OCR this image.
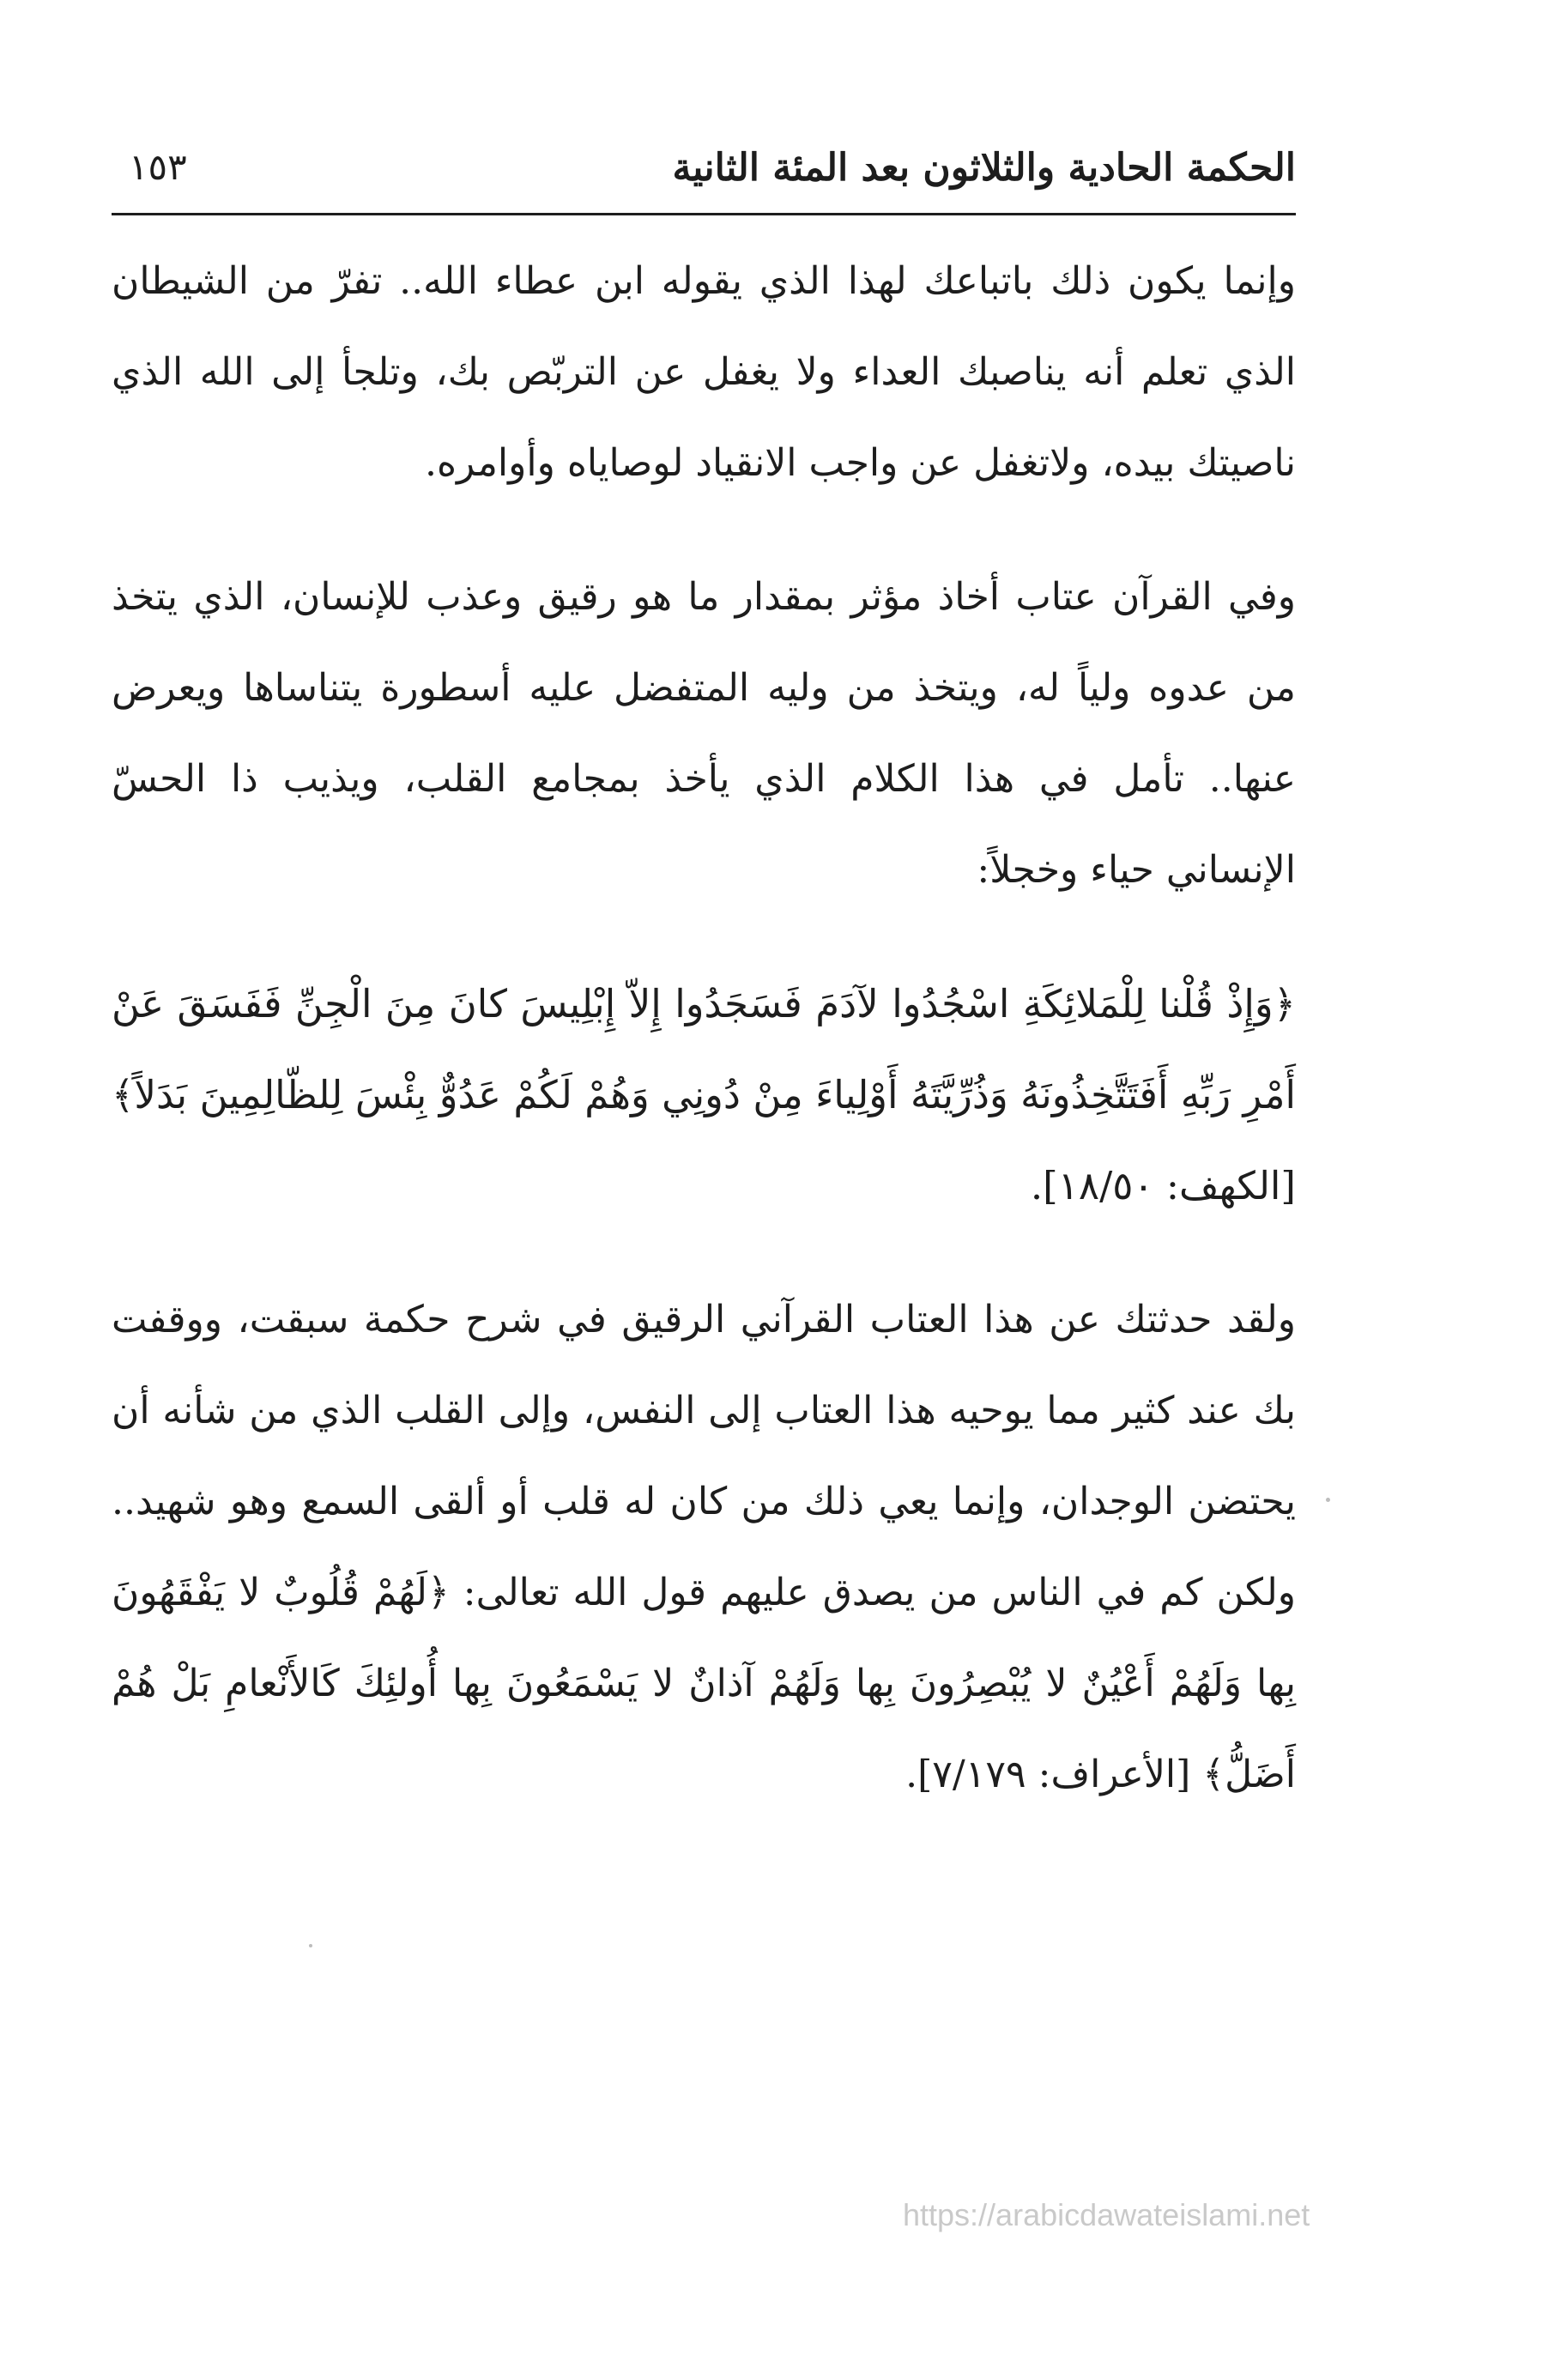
الحكمة الحادية والثلاثون بعد المئة الثانية
١٥٣

وإنما يكون ذلك باتباعك لهذا الذي يقوله ابن عطاء الله.. تفرّ من الشيطان الذي تعلم أنه يناصبك العداء ولا يغفل عن التربّص بك، وتلجأ إلى الله الذي ناصيتك بيده، ولاتغفل عن واجب الانقياد لوصاياه وأوامره.

وفي القرآن عتاب أخاذ مؤثر بمقدار ما هو رقيق وعذب للإنسان، الذي يتخذ من عدوه ولياً له، ويتخذ من وليه المتفضل عليه أسطورة يتناساها ويعرض عنها.. تأمل في هذا الكلام الذي يأخذ بمجامع القلب، ويذيب ذا الحسّ الإنساني حياء وخجلاً:

﴿وَإِذْ قُلْنا لِلْمَلائِكَةِ اسْجُدُوا لآدَمَ فَسَجَدُوا إِلاّ إِبْلِيسَ كانَ مِنَ الْجِنِّ فَفَسَقَ عَنْ أَمْرِ رَبِّهِ أَفَتَتَّخِذُونَهُ وَذُرِّيَّتَهُ أَوْلِياءَ مِنْ دُونِي وَهُمْ لَكُمْ عَدُوٌّ بِئْسَ لِلظّالِمِينَ بَدَلاً﴾ [الكهف: ١٨/٥٠].

ولقد حدثتك عن هذا العتاب القرآني الرقيق في شرح حكمة سبقت، ووقفت بك عند كثير مما يوحيه هذا العتاب إلى النفس، وإلى القلب الذي من شأنه أن يحتضن الوجدان، وإنما يعي ذلك من كان له قلب أو ألقى السمع وهو شهيد.. ولكن كم في الناس من يصدق عليهم قول الله تعالى: ﴿لَهُمْ قُلُوبٌ لا يَفْقَهُونَ بِها وَلَهُمْ أَعْيُنٌ لا يُبْصِرُونَ بِها وَلَهُمْ آذانٌ لا يَسْمَعُونَ بِها أُولئِكَ كَالأَنْعامِ بَلْ هُمْ أَضَلُّ﴾ [الأعراف: ٧/١٧٩].

https://arabicdawateislami.net
